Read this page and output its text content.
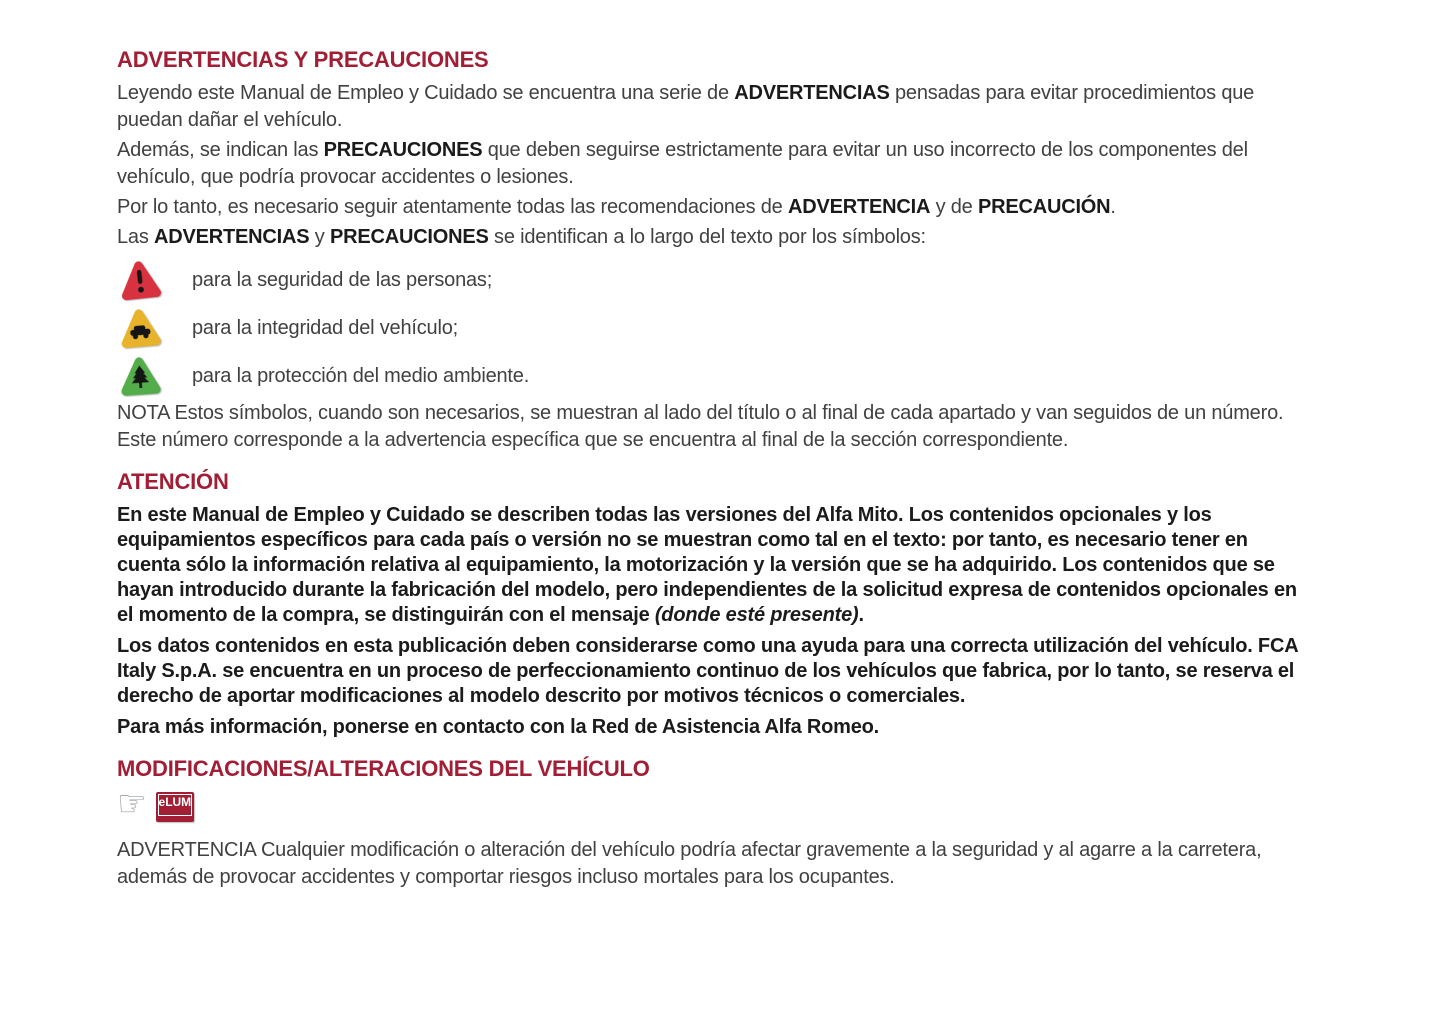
ADVERTENCIAS Y PRECAUCIONES

Leyendo este Manual de Empleo y Cuidado se encuentra una serie de ADVERTENCIAS pensadas para evitar procedimientos que puedan dañar el vehículo.

Además, se indican las PRECAUCIONES que deben seguirse estrictamente para evitar un uso incorrecto de los componentes del vehículo, que podría provocar accidentes o lesiones.

Por lo tanto, es necesario seguir atentamente todas las recomendaciones de ADVERTENCIA y de PRECAUCIÓN.

Las ADVERTENCIAS y PRECAUCIONES se identifican a lo largo del texto por los símbolos:

para la seguridad de las personas;
para la integridad del vehículo;
para la protección del medio ambiente.

NOTA Estos símbolos, cuando son necesarios, se muestran al lado del título o al final de cada apartado y van seguidos de un número. Este número corresponde a la advertencia específica que se encuentra al final de la sección correspondiente.

ATENCIÓN

En este Manual de Empleo y Cuidado se describen todas las versiones del Alfa Mito. Los contenidos opcionales y los equipamientos específicos para cada país o versión no se muestran como tal en el texto: por tanto, es necesario tener en cuenta sólo la información relativa al equipamiento, la motorización y la versión que se ha adquirido. Los contenidos que se hayan introducido durante la fabricación del modelo, pero independientes de la solicitud expresa de contenidos opcionales en el momento de la compra, se distinguirán con el mensaje (donde esté presente).

Los datos contenidos en esta publicación deben considerarse como una ayuda para una correcta utilización del vehículo. FCA Italy S.p.A. se encuentra en un proceso de perfeccionamiento continuo de los vehículos que fabrica, por lo tanto, se reserva el derecho de aportar modificaciones al modelo descrito por motivos técnicos o comerciales.

Para más información, ponerse en contacto con la Red de Asistencia Alfa Romeo.

MODIFICACIONES/ALTERACIONES DEL VEHÍCULO
☞ eLUM

ADVERTENCIA Cualquier modificación o alteración del vehículo podría afectar gravemente a la seguridad y al agarre a la carretera, además de provocar accidentes y comportar riesgos incluso mortales para los ocupantes.
